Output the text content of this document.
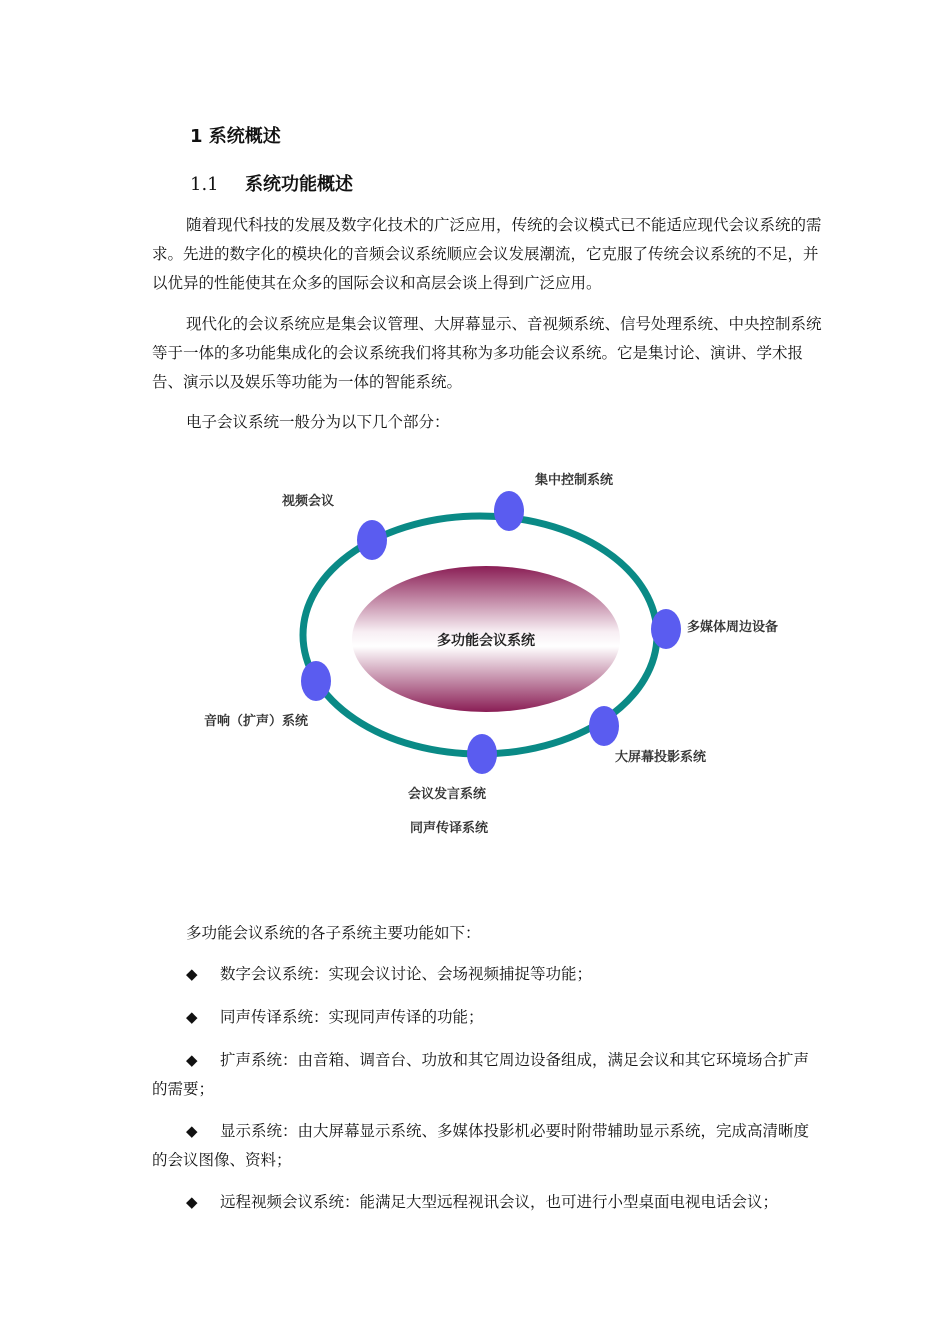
1 系统概述
1.1 系统功能概述

随着现代科技的发展及数字化技术的广泛应用，传统的会议模式已不能适应现代会议系统的需求。先进的数字化的模块化的音频会议系统顺应会议发展潮流，它克服了传统会议系统的不足，并以优异的性能使其在众多的国际会议和高层会谈上得到广泛应用。

现代化的会议系统应是集会议管理、大屏幕显示、音视频系统、信号处理系统、中央控制系统等于一体的多功能集成化的会议系统我们将其称为多功能会议系统。它是集讨论、演讲、学术报告、演示以及娱乐等功能为一体的智能系统。

电子会议系统一般分为以下几个部分：

多功能会议系统
视频会议
集中控制系统
多媒体周边设备
音响（扩声）系统
大屏幕投影系统
会议发言系统
同声传译系统

多功能会议系统的各子系统主要功能如下：

◆ 数字会议系统：实现会议讨论、会场视频捕捉等功能；

◆ 同声传译系统：实现同声传译的功能；

◆ 扩声系统：由音箱、调音台、功放和其它周边设备组成，满足会议和其它环境场合扩声的需要；

◆ 显示系统：由大屏幕显示系统、多媒体投影机必要时附带辅助显示系统，完成高清晰度的会议图像、资料；

◆ 远程视频会议系统：能满足大型远程视讯会议，也可进行小型桌面电视电话会议；
